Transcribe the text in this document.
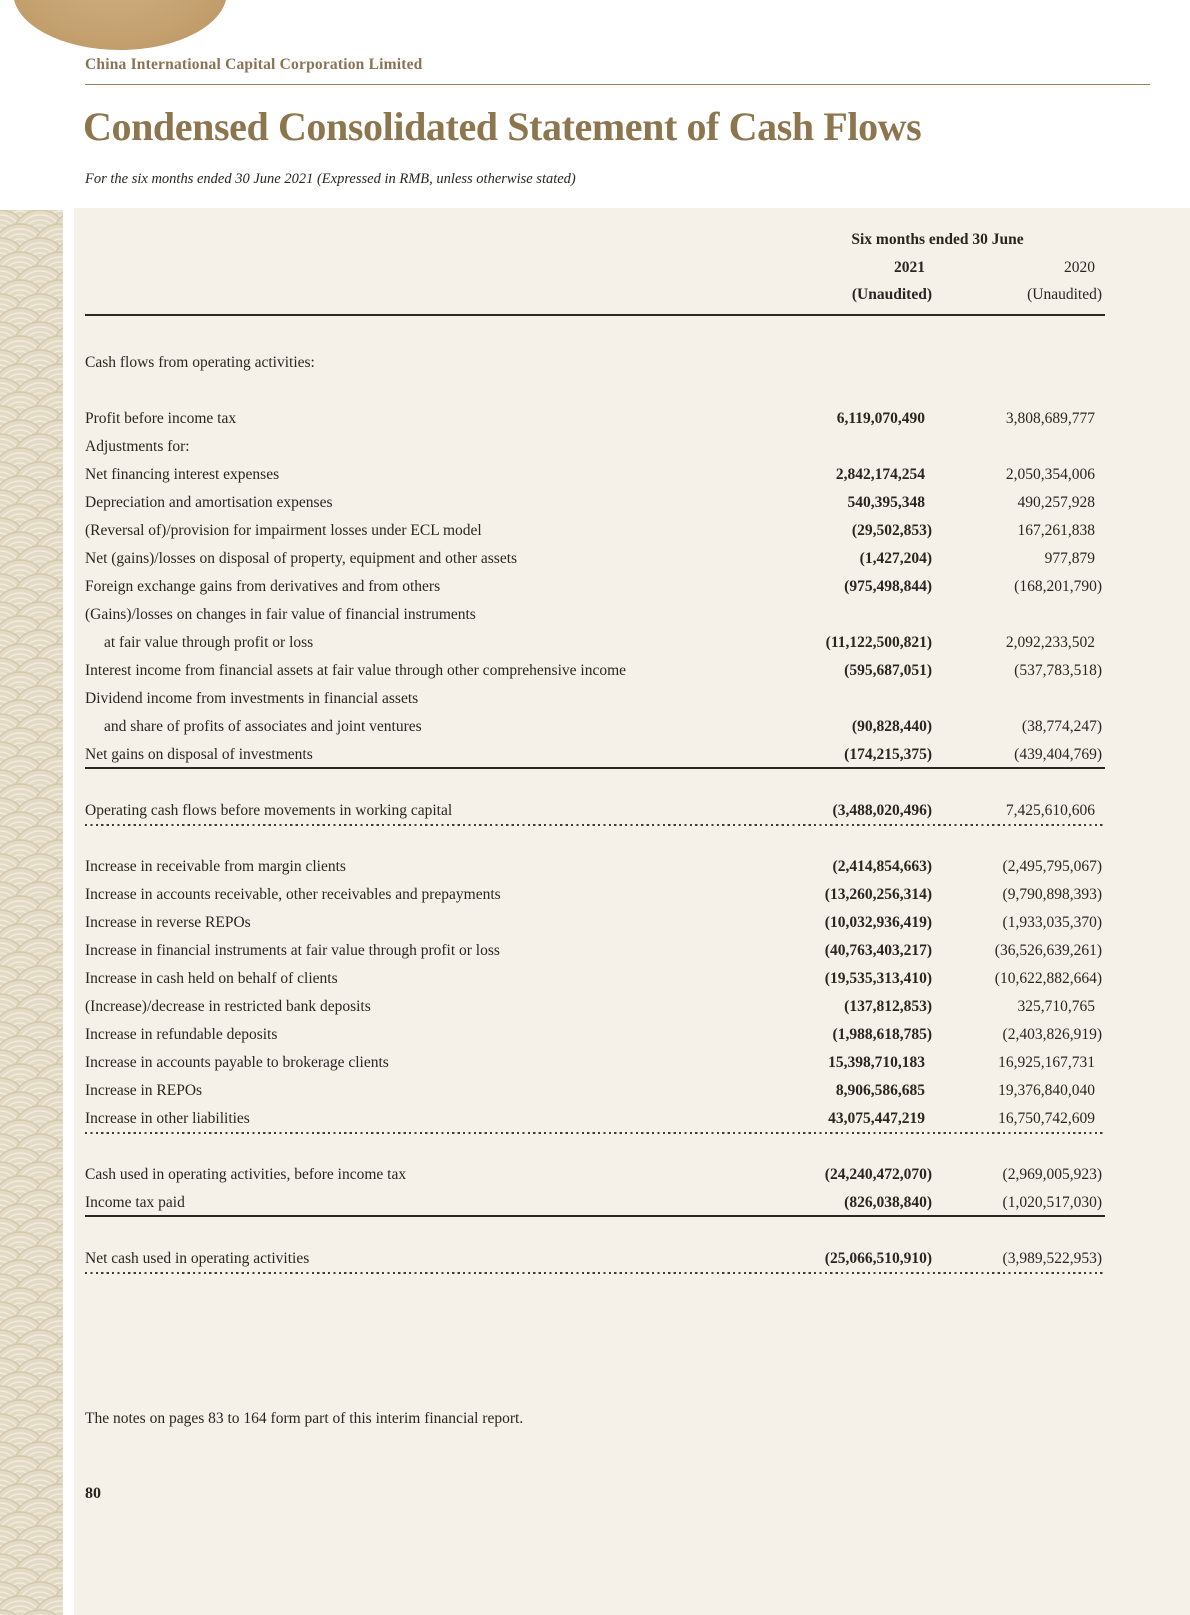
China International Capital Corporation Limited
Condensed Consolidated Statement of Cash Flows
For the six months ended 30 June 2021 (Expressed in RMB, unless otherwise stated)
Six months ended 30 June
2021	2020
(Unaudited)	(Unaudited)
Cash flows from operating activities:
Profit before income tax	6,119,070,490	3,808,689,777
Adjustments for:
Net financing interest expenses	2,842,174,254	2,050,354,006
Depreciation and amortisation expenses	540,395,348	490,257,928
(Reversal of)/provision for impairment losses under ECL model	(29,502,853)	167,261,838
Net (gains)/losses on disposal of property, equipment and other assets	(1,427,204)	977,879
Foreign exchange gains from derivatives and from others	(975,498,844)	(168,201,790)
(Gains)/losses on changes in fair value of financial instruments
at fair value through profit or loss	(11,122,500,821)	2,092,233,502
Interest income from financial assets at fair value through other comprehensive income	(595,687,051)	(537,783,518)
Dividend income from investments in financial assets
and share of profits of associates and joint ventures	(90,828,440)	(38,774,247)
Net gains on disposal of investments	(174,215,375)	(439,404,769)
Operating cash flows before movements in working capital	(3,488,020,496)	7,425,610,606
Increase in receivable from margin clients	(2,414,854,663)	(2,495,795,067)
Increase in accounts receivable, other receivables and prepayments	(13,260,256,314)	(9,790,898,393)
Increase in reverse REPOs	(10,032,936,419)	(1,933,035,370)
Increase in financial instruments at fair value through profit or loss	(40,763,403,217)	(36,526,639,261)
Increase in cash held on behalf of clients	(19,535,313,410)	(10,622,882,664)
(Increase)/decrease in restricted bank deposits	(137,812,853)	325,710,765
Increase in refundable deposits	(1,988,618,785)	(2,403,826,919)
Increase in accounts payable to brokerage clients	15,398,710,183	16,925,167,731
Increase in REPOs	8,906,586,685	19,376,840,040
Increase in other liabilities	43,075,447,219	16,750,742,609
Cash used in operating activities, before income tax	(24,240,472,070)	(2,969,005,923)
Income tax paid	(826,038,840)	(1,020,517,030)
Net cash used in operating activities	(25,066,510,910)	(3,989,522,953)
The notes on pages 83 to 164 form part of this interim financial report.
80
